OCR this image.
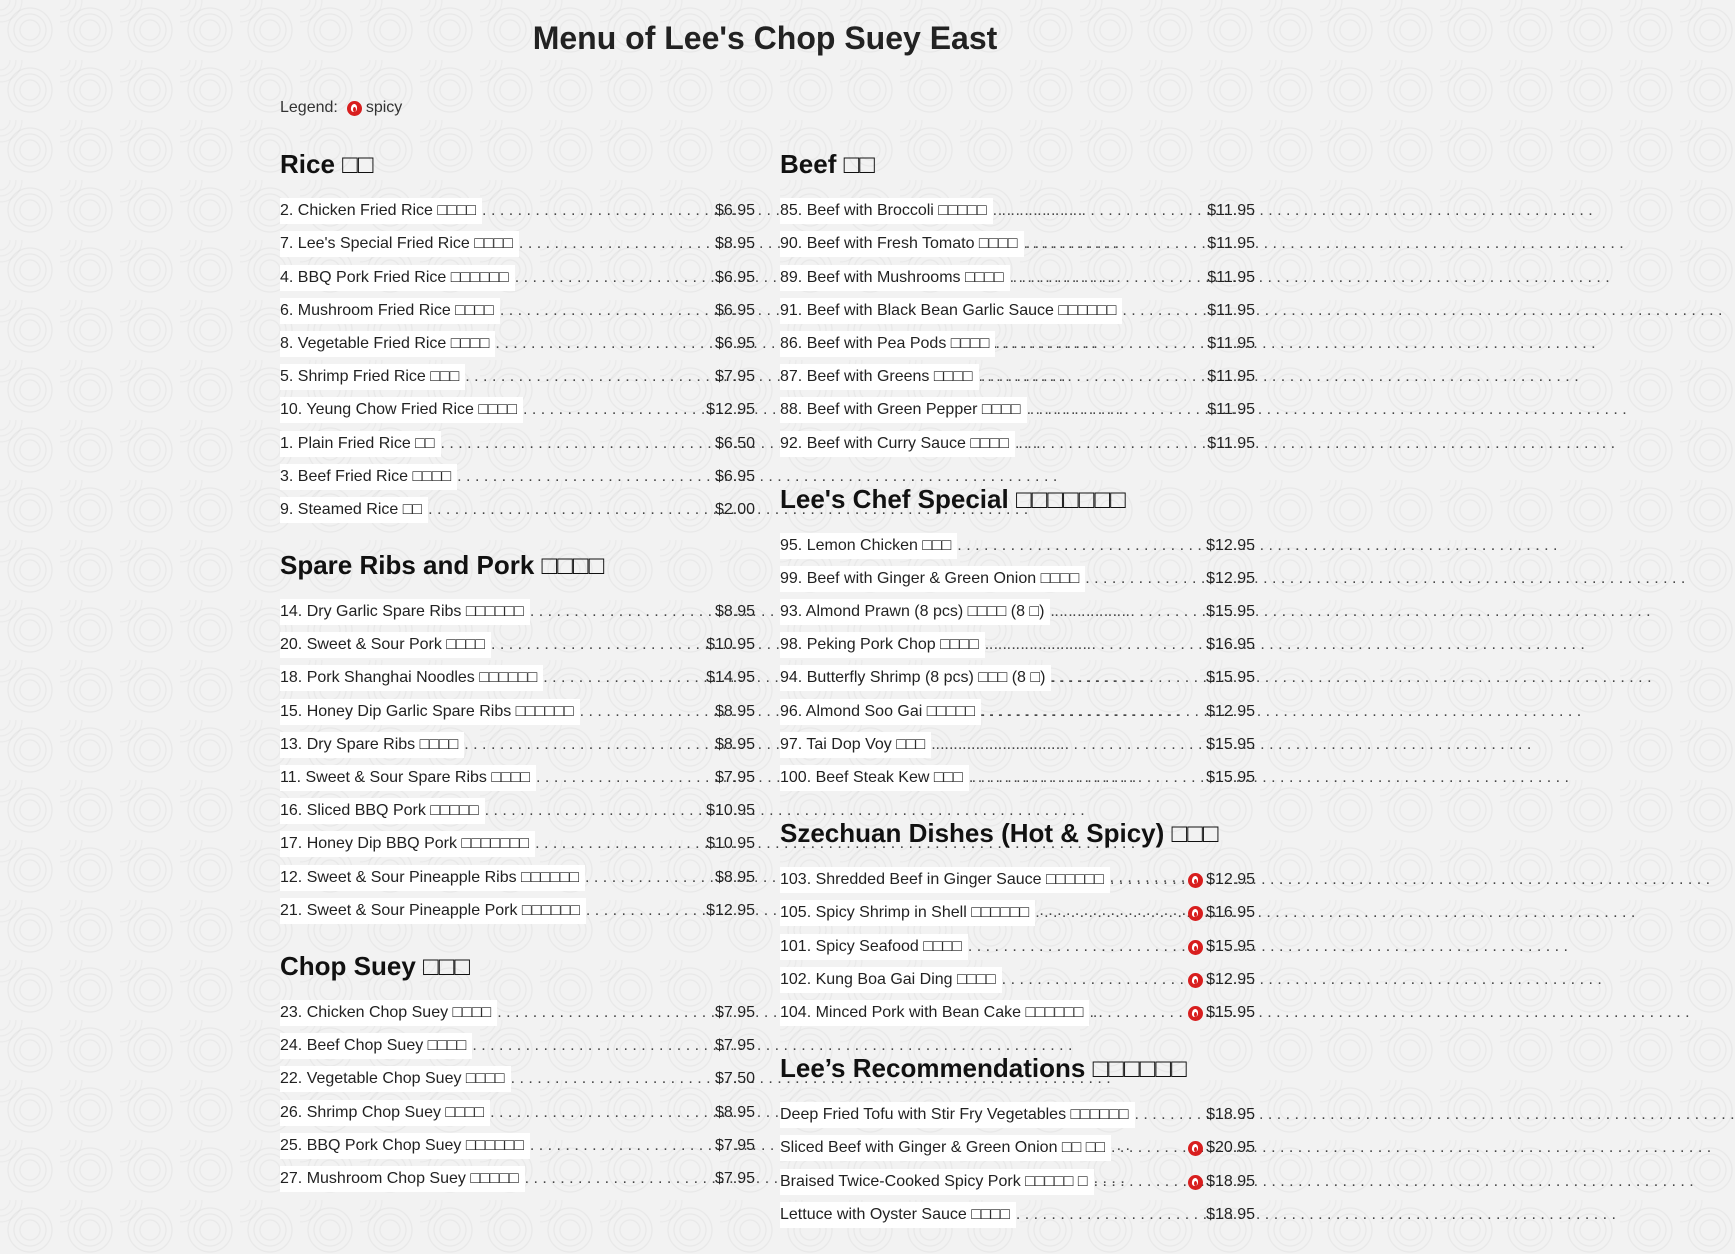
Menu of Lee's Chop Suey East
Legend: spicy
Rice □□
2. Chicken Fried Rice □□□□ . . .	$6.95
7. Lee's Special Fried Rice □□□□ . . .	$8.95
4. BBQ Pork Fried Rice □□□□□□ . . .	$6.95
6. Mushroom Fried Rice □□□□ . . .	$6.95
8. Vegetable Fried Rice □□□□ . . .	$6.95
5. Shrimp Fried Rice □□□ . . .	$7.95
10. Yeung Chow Fried Rice □□□□ . . .	$12.95
1. Plain Fried Rice □□ . . .	$6.50
3. Beef Fried Rice □□□□ . . .	$6.95
9. Steamed Rice □□ . . .	$2.00
Spare Ribs and Pork □□□□
14. Dry Garlic Spare Ribs □□□□□□ . . .	$8.95
20. Sweet & Sour Pork □□□□ . . .	$10.95
18. Pork Shanghai Noodles □□□□□□ . . .	$14.95
15. Honey Dip Garlic Spare Ribs □□□□□□ . . .	$8.95
13. Dry Spare Ribs □□□□ . . .	$8.95
11. Sweet & Sour Spare Ribs □□□□ . . .	$7.95
16. Sliced BBQ Pork □□□□□ . . .	$10.95
17. Honey Dip BBQ Pork □□□□□□□ . . .	$10.95
12. Sweet & Sour Pineapple Ribs □□□□□□ . . .	$8.95
21. Sweet & Sour Pineapple Pork □□□□□□ . . .	$12.95
Chop Suey □□□
23. Chicken Chop Suey □□□□ . . .	$7.95
24. Beef Chop Suey □□□□ . . .	$7.95
22. Vegetable Chop Suey □□□□ . . .	$7.50
26. Shrimp Chop Suey □□□□ . . .	$8.95
25. BBQ Pork Chop Suey □□□□□□ . . .	$7.95
27. Mushroom Chop Suey □□□□□ . . .	$7.95
Beef □□
85. Beef with Broccoli □□□□□ . . .	$11.95
90. Beef with Fresh Tomato □□□□ . . .	$11.95
89. Beef with Mushrooms □□□□ . . .	$11.95
91. Beef with Black Bean Garlic Sauce □□□□□□ . . .	$11.95
86. Beef with Pea Pods □□□□ . . .	$11.95
87. Beef with Greens □□□□ . . .	$11.95
88. Beef with Green Pepper □□□□ . . .	$11.95
92. Beef with Curry Sauce □□□□ . . .	$11.95
Lee's Chef Special □□□□□□□
95. Lemon Chicken □□□ . . .	$12.95
99. Beef with Ginger & Green Onion □□□□ . . .	$12.95
93. Almond Prawn (8 pcs) □□□□ (8 □) . . .	$15.95
98. Peking Pork Chop □□□□ . . .	$16.95
94. Butterfly Shrimp (8 pcs) □□□ (8 □) . . .	$15.95
96. Almond Soo Gai □□□□□ . . .	$12.95
97. Tai Dop Voy □□□ . . .	$15.95
100. Beef Steak Kew □□□ . . .	$15.95
Szechuan Dishes (Hot & Spicy) □□□
103. Shredded Beef in Ginger Sauce □□□□□□ . . .	$12.95
105. Spicy Shrimp in Shell □□□□□□ . . .	$16.95
101. Spicy Seafood □□□□ . . .	$15.95
102. Kung Boa Gai Ding □□□□ . . .	$12.95
104. Minced Pork with Bean Cake □□□□□□ . . .	$15.95
Lee’s Recommendations □□□□□□
Deep Fried Tofu with Stir Fry Vegetables □□□□□□ . . .	$18.95
Sliced Beef with Ginger & Green Onion □□ □□ . . .	$20.95
Braised Twice-Cooked Spicy Pork □□□□□ □ . . .	$18.95
Lettuce with Oyster Sauce □□□□ . . .	$18.95
